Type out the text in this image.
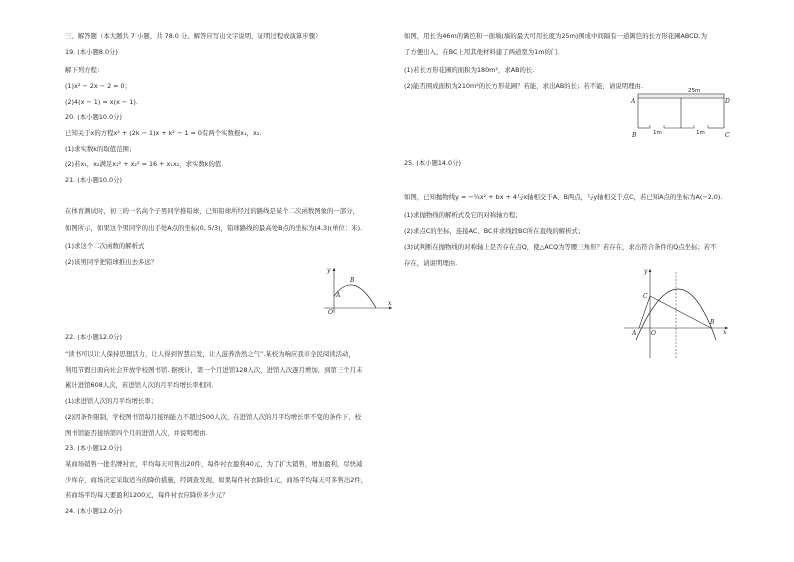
三、解答题（本大题共 7 小题，共 78.0 分。解答应写出文字说明，证明过程或演算步骤）
19. (本小题8.0分)
解下列方程：
(1)x² − 2x − 2 = 0；
(2)4(x − 1) = x(x − 1).
20. (本小题10.0分)
已知关于x的方程x² + (2k − 1)x + k² − 1 = 0有两个实数根x₁，x₂.
(1)求实数k的取值范围；
(2)若x₁，x₂满足x₁² + x₂² = 16 + x₁x₂，求实数k的值.
21. (本小题10.0分)
在体育测试时，初三的一名高个子男同学推铅球，已知铅球所经过的路线是某个二次函数图象的一部分，
如图所示，如果这个男同学的出手处A点的坐标(0, 5/3)，铅球路线的最高处B点的坐标为(4,3)(单位：米).
(1)求这个二次函数的解析式
(2)该男同学把铅球推出去多远？
y
x
A
B
O
22. (本小题12.0分)
“读书可以让人保持思想活力，让人得到智慧启发，让人滋养浩然之气”.某校为响应我市全民阅读活动，
利用节假日面向社会开放学校图书馆. 据统计，第一个月进馆128人次，进馆人次逐月增加，到第三个月末
累计进馆608人次，若进馆人次的月平均增长率相同.
(1)求进馆人次的月平均增长率；
(2)因条件限制，学校图书馆每月接纳能力不超过500人次，在进馆人次的月平均增长率不变的条件下，校
图书馆能否接纳第四个月的进馆人次，并说明理由.
23. (本小题12.0分)
某商场销售一批名牌衬衣，平均每天可售出20件，每件衬衣盈利40元，为了扩大销售，增加盈利，尽快减
少库存，商场决定采取适当的降价措施，经调查发现，如果每件衬衣降价1元，商场平均每天可多售出2件，
若商场平均每天要盈利1200元，每件衬衣应降价多少元？
24. (本小题12.0分)
如图，用长为46m的篱笆和一面墙(墙的最大可用长度为25m)围成中间隔有一道篱笆的长方形花圃ABCD.为
了方便出入，在BC上用其他材料建了两道宽为1m的门.
(1)若长方形花圃的面积为180m²，求AB的长.
(2)能否围成面积为210m²的长方形花圃？若能，求出AB的长；若不能，请说明理由.
25m
1m	1m
A
B	C
D
25. (本小题14.0分)
如图，已知抛物线y = −¼x² + bx + 4与x轴相交于A、B两点，与y轴相交于点C，若已知A点的坐标为A(−2,0).
(1)求抛物线的解析式及它的对称轴方程；
(2)求点C的坐标，连接AC、BC并求线段BC所在直线的解析式；
(3)试判断在抛物线的对称轴上是否存在点Q，使△ACQ为等腰三角形？若存在，求出符合条件的Q点坐标；若不
存在，请说明理由.
y
x
A
B
C
O
